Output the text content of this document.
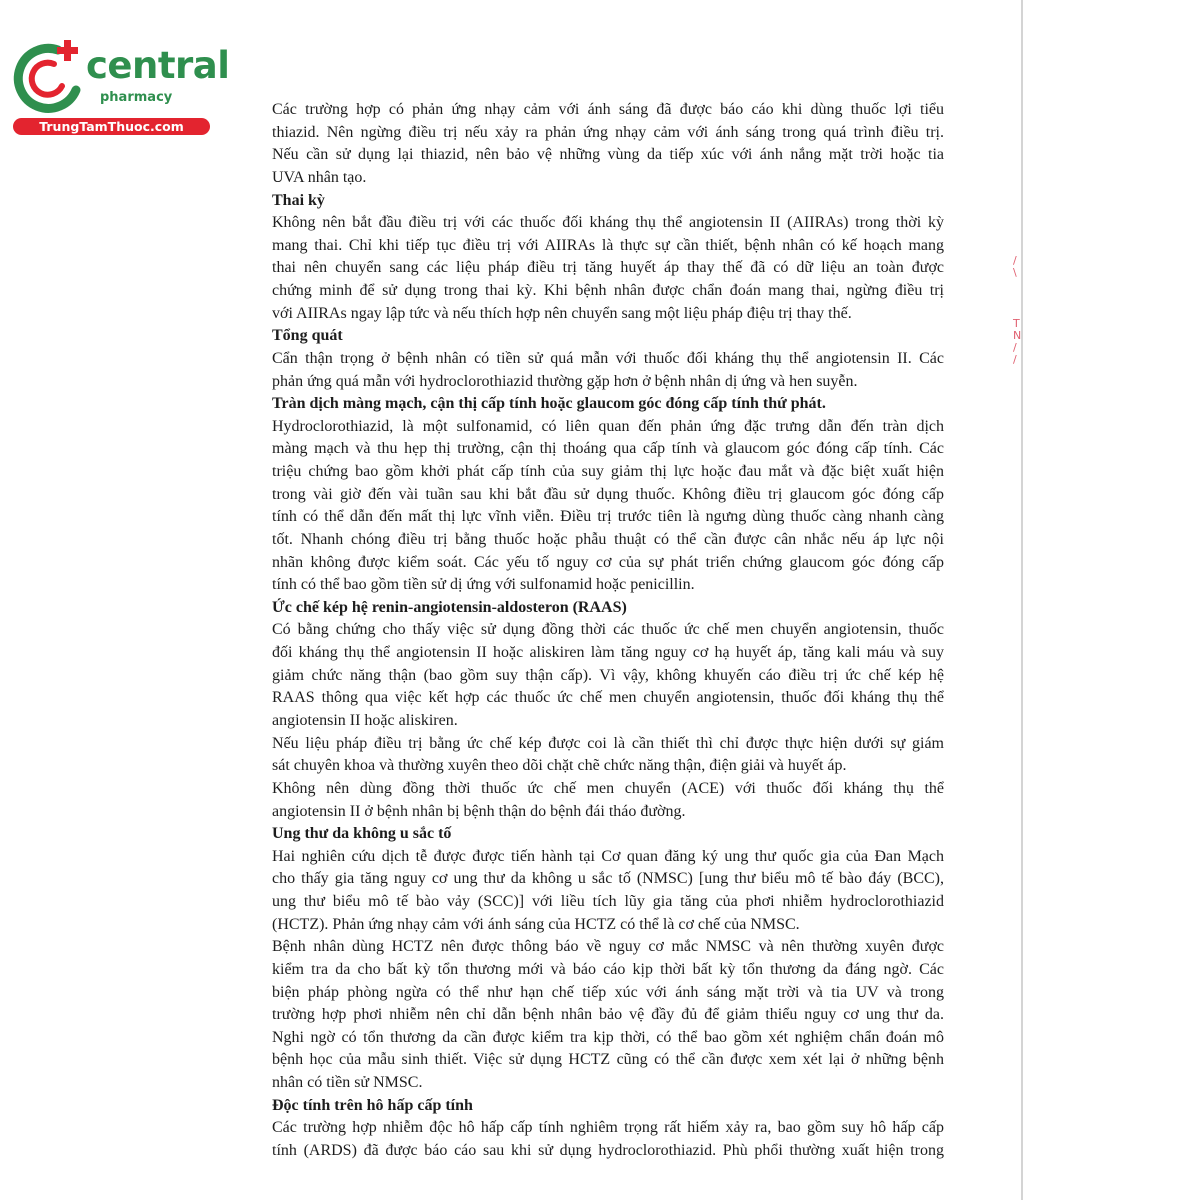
central
pharmacy
TrungTamThuoc.com
/
\
T
N
/
/
Các trường hợp có phản ứng nhạy cảm với ánh sáng đã được báo cáo khi dùng thuốc lợi tiểu
thiazid. Nên ngừng điều trị nếu xảy ra phản ứng nhạy cảm với ánh sáng trong quá trình điều trị.
Nếu cần sử dụng lại thiazid, nên bảo vệ những vùng da tiếp xúc với ánh nắng mặt trời hoặc tia
UVA nhân tạo.
Thai kỳ
Không nên bắt đầu điều trị với các thuốc đối kháng thụ thể angiotensin II (AIIRAs) trong thời kỳ
mang thai. Chỉ khi tiếp tục điều trị với AIIRAs là thực sự cần thiết, bệnh nhân có kế hoạch mang
thai nên chuyển sang các liệu pháp điều trị tăng huyết áp thay thế đã có dữ liệu an toàn được
chứng minh để sử dụng trong thai kỳ. Khi bệnh nhân được chẩn đoán mang thai, ngừng điều trị
với AIIRAs ngay lập tức và nếu thích hợp nên chuyển sang một liệu pháp điệu trị thay thế.
Tổng quát
Cẩn thận trọng ở bệnh nhân có tiền sử quá mẫn với thuốc đối kháng thụ thể angiotensin II. Các
phản ứng quá mẫn với hydroclorothiazid thường gặp hơn ở bệnh nhân dị ứng và hen suyễn.
Tràn dịch màng mạch, cận thị cấp tính hoặc glaucom góc đóng cấp tính thứ phát.
Hydroclorothiazid, là một sulfonamid, có liên quan đến phản ứng đặc trưng dẫn đến tràn dịch
màng mạch và thu hẹp thị trường, cận thị thoáng qua cấp tính và glaucom góc đóng cấp tính. Các
triệu chứng bao gồm khởi phát cấp tính của suy giảm thị lực hoặc đau mắt và đặc biệt xuất hiện
trong vài giờ đến vài tuần sau khi bắt đầu sử dụng thuốc. Không điều trị glaucom góc đóng cấp
tính có thể dẫn đến mất thị lực vĩnh viễn. Điều trị trước tiên là ngưng dùng thuốc càng nhanh càng
tốt. Nhanh chóng điều trị bằng thuốc hoặc phẫu thuật có thể cần được cân nhắc nếu áp lực nội
nhãn không được kiểm soát. Các yếu tố nguy cơ của sự phát triển chứng glaucom góc đóng cấp
tính có thể bao gồm tiền sử dị ứng với sulfonamid hoặc penicillin.
Ức chế kép hệ renin-angiotensin-aldosteron (RAAS)
Có bằng chứng cho thấy việc sử dụng đồng thời các thuốc ức chế men chuyển angiotensin, thuốc
đối kháng thụ thể angiotensin II hoặc aliskiren làm tăng nguy cơ hạ huyết áp, tăng kali máu và suy
giảm chức năng thận (bao gồm suy thận cấp). Vì vậy, không khuyến cáo điều trị ức chế kép hệ
RAAS thông qua việc kết hợp các thuốc ức chế men chuyển angiotensin, thuốc đối kháng thụ thể
angiotensin II hoặc aliskiren.
Nếu liệu pháp điều trị bằng ức chế kép được coi là cần thiết thì chỉ được thực hiện dưới sự giám
sát chuyên khoa và thường xuyên theo dõi chặt chẽ chức năng thận, điện giải và huyết áp.
Không nên dùng đồng thời thuốc ức chế men chuyển (ACE) với thuốc đối kháng thụ thể
angiotensin II ở bệnh nhân bị bệnh thận do bệnh đái tháo đường.
Ung thư da không u sắc tố
Hai nghiên cứu dịch tễ được được tiến hành tại Cơ quan đăng ký ung thư quốc gia của Đan Mạch
cho thấy gia tăng nguy cơ ung thư da không u sắc tố (NMSC) [ung thư biểu mô tế bào đáy (BCC),
ung thư biểu mô tế bào vảy (SCC)] với liều tích lũy gia tăng của phơi nhiễm hydroclorothiazid
(HCTZ). Phản ứng nhạy cảm với ánh sáng của HCTZ có thể là cơ chế của NMSC.
Bệnh nhân dùng HCTZ nên được thông báo về nguy cơ mắc NMSC và nên thường xuyên được
kiểm tra da cho bất kỳ tổn thương mới và báo cáo kịp thời bất kỳ tổn thương da đáng ngờ. Các
biện pháp phòng ngừa có thể như hạn chế tiếp xúc với ánh sáng mặt trời và tia UV và trong
trường hợp phơi nhiễm nên chỉ dẫn bệnh nhân bảo vệ đầy đủ để giảm thiểu nguy cơ ung thư da.
Nghi ngờ có tổn thương da cần được kiểm tra kịp thời, có thể bao gồm xét nghiệm chẩn đoán mô
bệnh học của mẫu sinh thiết. Việc sử dụng HCTZ cũng có thể cần được xem xét lại ở những bệnh
nhân có tiền sử NMSC.
Độc tính trên hô hấp cấp tính
Các trường hợp nhiễm độc hô hấp cấp tính nghiêm trọng rất hiếm xảy ra, bao gồm suy hô hấp cấp
tính (ARDS) đã được báo cáo sau khi sử dụng hydroclorothiazid. Phù phổi thường xuất hiện trong
